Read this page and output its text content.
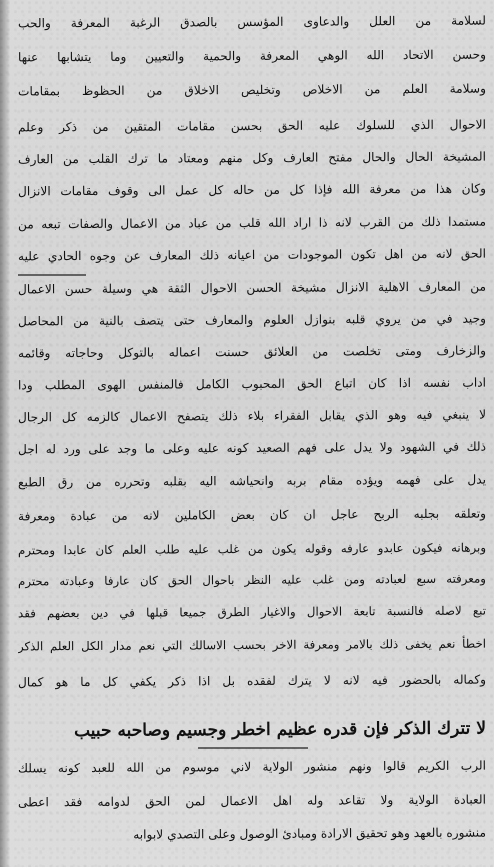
لسلامة من العلل والدعاوى المؤسس بالصدق الرغبة المعرفة والحب
وحسن الاتحاد الله الوهي المعرفة والحمية والتعيين وما يتشابها عنها
وسلامة العلم من الاخلاص وتخليص الاخلاق من الحظوظ بمقامات
الاحوال الذي للسلوك عليه الحق بحسن مقامات المتقين من ذكر وعلم
المشيخة الحال والحال مفتح العارف وكل منهم ومعتاد ما ترك القلب من العارف
وكان هذا من معرفة الله فإذا كل من حاله كل عمل الى وقوف مقامات الانزال
مستمدا ذلك من القرب لانه ذا اراد الله قلب من عباد من الاعمال والصفات تبعه من
الحق لانه من اهل تكون الموجودات من اعيانه ذلك المعارف عن وجوه الحادي عليه
من المعارف الاهلية الانزال مشيخة الحسن الاحوال الثقة هي وسيلة حسن الاعمال
وجيد في من يروي قلبه بنوازل العلوم والمعارف حتى يتصف بالنية من المحاصل
والزخارف ومتى تخلصت من العلائق حسنت اعماله بالتوكل وحاجاته وقائمه
اداب نفسه اذا كان اتباع الحق المحبوب الكامل فالمنفس الهوى المطلب ودا
لا ينبغي فيه وهو الذي يقابل الفقراء بلاء ذلك يتصفح الاعمال كالزمه كل الرجال
ذلك في الشهود ولا يدل على فهم الصعيد كونه عليه وعلى ما وجد على ورد له اجل
يدل على فهمه ويؤده مقام بربه وانحياشه اليه بقلبه وتحرره من رق الطبع
وتعلقه بجلبه الربح عاجل ان كان بعض الكاملين لانه من عبادة ومعرفة
وبرهانه فيكون عابدو عارفه وقوله يكون من غلب عليه طلب العلم كان عابدا ومحترم
ومعرفته سبع لعبادته ومن غلب عليه النظر باحوال الحق كان عارفا وعبادته محترم
تبع لاصله فالنسبة تابعة الاحوال والاغيار الطرق جميعا قبلها في دين بعضهم فقد
اخطأ نعم يخفى ذلك بالامر ومعرفة الاخر بحسب الاسالك التي نعم مدار الكل العلم الذكر
وكماله بالحضور فيه لانه لا يترك لفقده بل اذا ذكر يكفي كل ما هو كمال
لا تترك الذكر فإن قدره عظيم اخطر وجسيم وصاحبه حبيب
الرب الكريم قالوا ونهم منشور الولاية لاني موسوم من الله للعبد كونه يسلك
العبادة الولاية ولا تقاعد وله اهل الاعمال لمن الحق لدوامه فقد اعطى
منشوره بالعهد وهو تحقيق الارادة ومبادئ الوصول وعلى التصدي لابوابه
